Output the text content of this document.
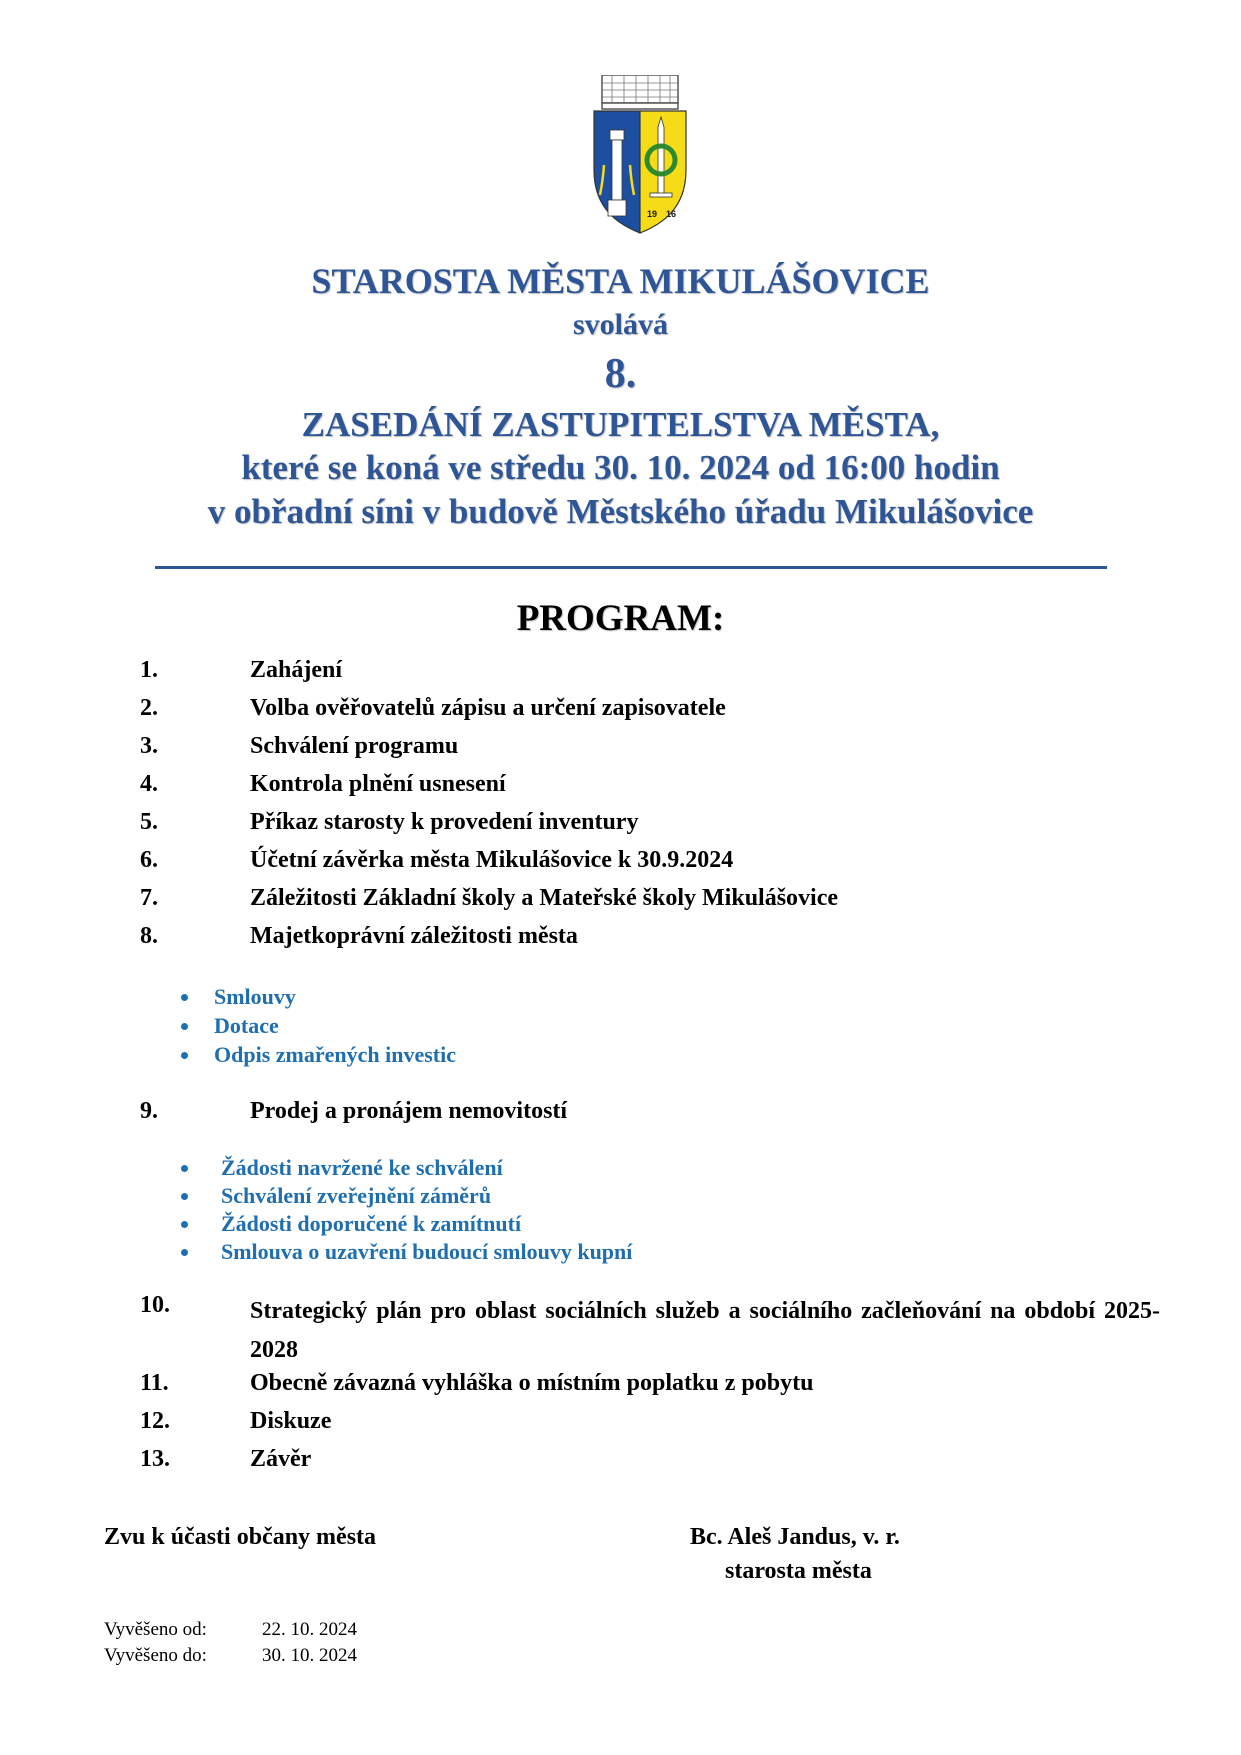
19 16
STAROSTA MĚSTA MIKULÁŠOVICE
svolává
8.
ZASEDÁNÍ ZASTUPITELSTVA MĚSTA,
které se koná ve středu 30. 10. 2024 od 16:00 hodin
v obřadní síni v budově Městského úřadu Mikulášovice
PROGRAM:
1.	Zahájení
2.	Volba ověřovatelů zápisu a určení zapisovatele
3.	Schválení programu
4.	Kontrola plnění usnesení
5.	Příkaz starosty k provedení inventury
6.	Účetní závěrka města Mikulášovice k 30.9.2024
7.	Záležitosti Základní školy a Mateřské školy Mikulášovice
8.	Majetkoprávní záležitosti města
Smlouvy
Dotace
Odpis zmařených investic
9.	Prodej a pronájem nemovitostí
Žádosti navržené ke schválení
Schválení zveřejnění záměrů
Žádosti doporučené k zamítnutí
Smlouva o uzavření budoucí smlouvy kupní
10.	Strategický plán pro oblast sociálních služeb a sociálního začleňování na období 2025-2028
11.	Obecně závazná vyhláška o místním poplatku z pobytu
12.	Diskuze
13.	Závěr
Zvu k účasti občany města	Bc. Aleš Jandus, v. r.
starosta města
Vyvěšeno od:	22. 10. 2024
Vyvěšeno do:	30. 10. 2024
